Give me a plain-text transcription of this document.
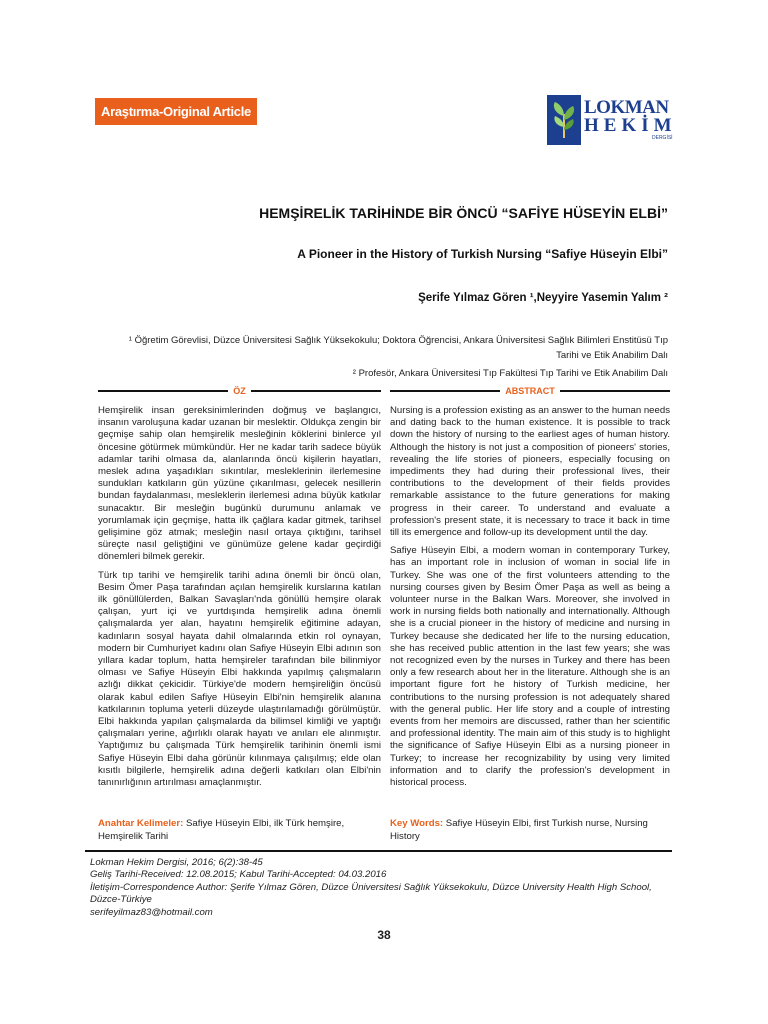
Araştırma-Original Article	LOKMAN
HEKİM
DERGİSİ
HEMŞİRELİK TARİHİNDE BİR ÖNCÜ “SAFİYE HÜSEYİN ELBİ”
A Pioneer in the History of Turkish Nursing “Safiye Hüseyin Elbi”
Şerife Yılmaz Gören ¹,Neyyire Yasemin Yalım ²
¹ Öğretim Görevlisi, Düzce Üniversitesi Sağlık Yüksekokulu; Doktora Öğrencisi, Ankara Üniversitesi Sağlık Bilimleri Enstitüsü Tıp Tarihi ve Etik Anabilim Dalı
² Profesör, Ankara Üniversitesi Tıp Fakültesi Tıp Tarihi ve Etik Anabilim Dalı
ÖZ	ABSTRACT

Hemşirelik insan gereksinimlerinden doğmuş ve başlangıcı, insanın varoluşuna kadar uzanan bir meslektir. Oldukça zengin bir geçmişe sahip olan hemşirelik mesleğinin köklerini binlerce yıl öncesine götürmek mümkündür. Her ne kadar tarih sadece büyük adamlar tarihi olmasa da, alanlarında öncü kişilerin hayatları, meslek adına yaşadıkları sıkıntılar, mesleklerinin ilerlemesine sundukları katkıların gün yüzüne çıkarılması, gelecek nesillerin bundan faydalanması, mesleklerin ilerlemesi adına büyük katkılar sunacaktır. Bir mesleğin bugünkü durumunu anlamak ve yorumlamak için geçmişe, hatta ilk çağlara kadar gitmek, tarihsel gelişimine göz atmak; mesleğin nasıl ortaya çıktığını, tarihsel süreçte nasıl geliştiğini ve günümüze gelene kadar geçirdiği dönemleri bilmek gerekir.

Türk tıp tarihi ve hemşirelik tarihi adına önemli bir öncü olan, Besim Ömer Paşa tarafından açılan hemşirelik kurslarına katılan ilk gönüllülerden, Balkan Savaşları'nda gönüllü hemşire olarak çalışan, yurt içi ve yurtdışında hemşirelik adına önemli çalışmalarda yer alan, hayatını hemşirelik eğitimine adayan, kadınların sosyal hayata dahil olmalarında etkin rol oynayan, modern bir Cumhuriyet kadını olan Safiye Hüseyin Elbi adının son yıllara kadar toplum, hatta hemşireler tarafından bile bilinmiyor olması ve Safiye Hüseyin Elbi hakkında yapılmış çalışmaların azlığı dikkat çekicidir. Türkiye'de modern hemşireliğin öncüsü olarak kabul edilen Safiye Hüseyin Elbi'nin hemşirelik alanına katkılarının topluma yeterli düzeyde ulaştırılamadığı görülmüştür. Elbi hakkında yapılan çalışmalarda da bilimsel kimliği ve yaptığı çalışmaları yerine, ağırlıklı olarak hayatı ve anıları ele alınmıştır. Yaptığımız bu çalışmada Türk hemşirelik tarihinin önemli ismi Safiye Hüseyin Elbi daha görünür kılınmaya çalışılmış; elde olan kısıtlı bilgilerle, hemşirelik adına değerli katkıları olan Elbi'nin tanınırlığının artırılması amaçlanmıştır.

Nursing is a profession existing as an answer to the human needs and dating back to the human existence. It is possible to track down the history of nursing to the earliest ages of human history. Although the history is not just a composition of pioneers' stories, revealing the life stories of pioneers, especially focusing on impediments they had during their professional lives, their contributions to the development of their fields provides remarkable assistance to the future generations for making progress in their career. To understand and evaluate a profession's present state, it is necessary to trace it back in time till its emergence and follow-up its development until the day.

Safiye Hüseyin Elbi, a modern woman in contemporary Turkey, has an important role in inclusion of woman in social life in Turkey. She was one of the first volunteers attending to the nursing courses given by Besim Ömer Paşa as well as being a volunteer nurse in the Balkan Wars. Moreover, she involved in work in nursing fields both nationally and internationally. Although she is a crucial pioneer in the history of medicine and nursing in Turkey because she dedicated her life to the nursing education, she has received public attention in the last few years; she was not recognized even by the nurses in Turkey and there has been only a few research about her in the literature. Although she is an important figure fort he history of Turkish medicine, her contributions to the nursing profession is not adequately shared with the general public. Her life story and a couple of intresting events from her memoirs are discussed, rather than her scientific and professional identity. The main aim of this study is to highlight the significance of Safiye Hüseyin Elbi as a nursing pioneer in Turkey; to increase her recognizability by using very limited information and to clarify the profession's development in historical process.

Anahtar Kelimeler: Safiye Hüseyin Elbi, ilk Türk hemşire, Hemşirelik Tarihi
Key Words: Safiye Hüseyin Elbi, first Turkish nurse, Nursing History
Lokman Hekim Dergisi, 2016; 6(2):38-45
Geliş Tarihi-Received: 12.08.2015; Kabul Tarihi-Accepted: 04.03.2016
İletişim-Correspondence Author: Şerife Yılmaz Gören, Düzce Üniversitesi Sağlık Yüksekokulu, Düzce University Health High School, Düzce-Türkiye
serifeyilmaz83@hotmail.com
38
